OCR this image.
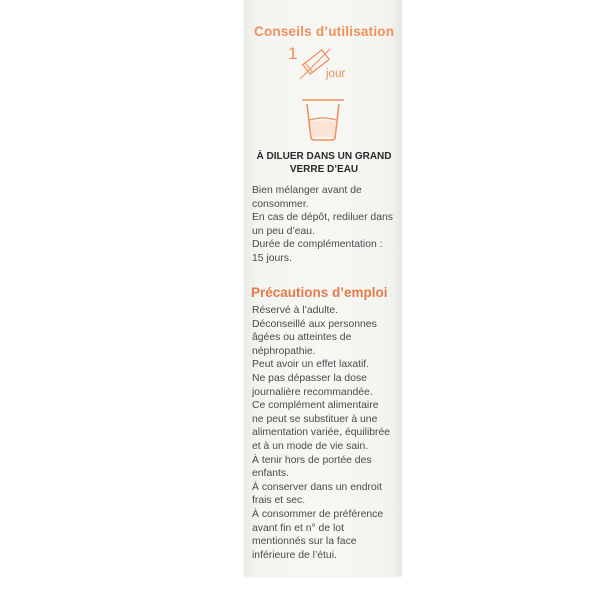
Conseils d’utilisation
1
jour
À DILUER DANS UN GRAND
VERRE D’EAU
Bien mélanger avant de
consommer.
En cas de dépôt, rediluer dans
un peu d’eau.
Durée de complémentation :
15 jours.
Précautions d’emploi
Réservé à l’adulte.
Déconseillé aux personnes
âgées ou atteintes de
néphropathie.
Peut avoir un effet laxatif.
Ne pas dépasser la dose
journalière recommandée.
Ce complément alimentaire
ne peut se substituer à une
alimentation variée, équilibrée
et à un mode de vie sain.
À tenir hors de portée des
enfants.
À conserver dans un endroit
frais et sec.
À consommer de préférence
avant fin et n° de lot
mentionnés sur la face
inférieure de l’étui.
